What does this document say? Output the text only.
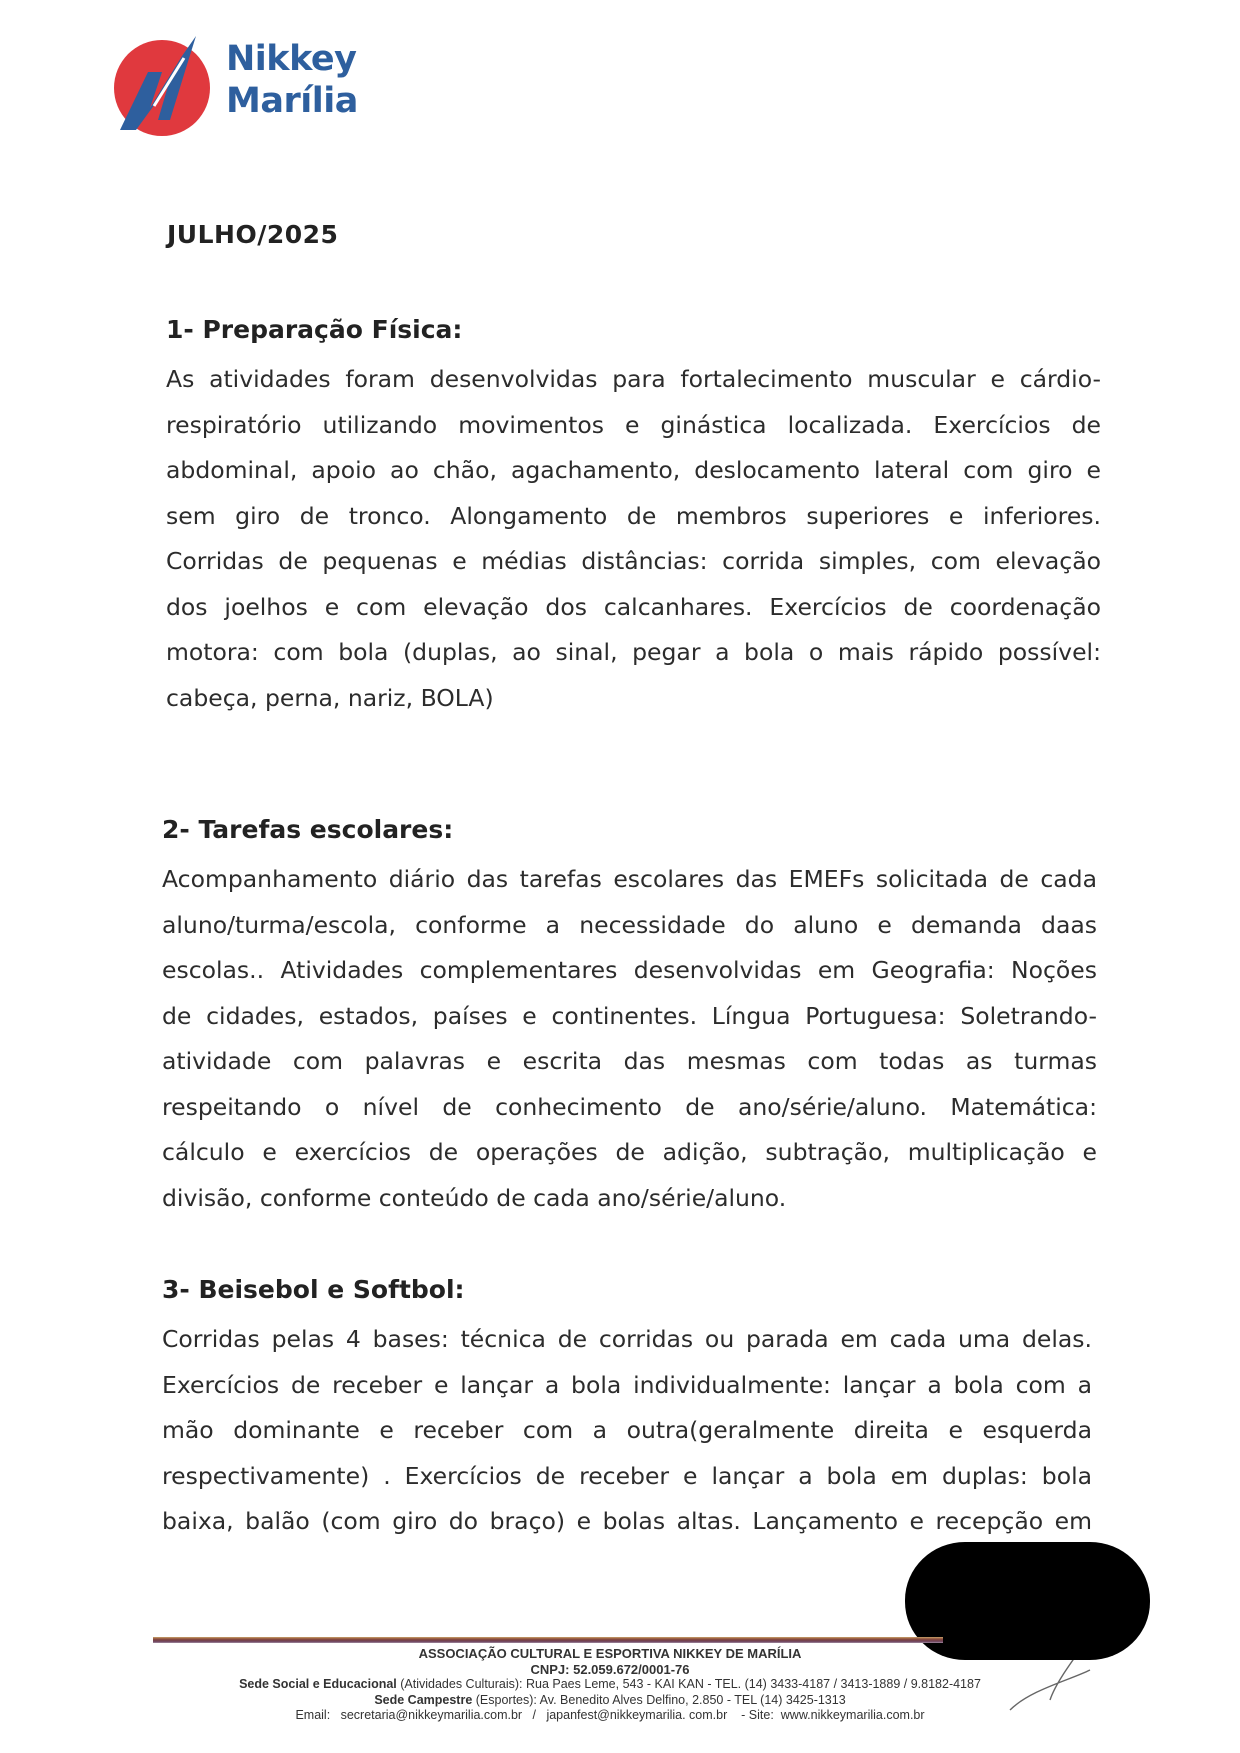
Nikkey
Marília
JULHO/2025
1- Preparação Física:
As atividades foram desenvolvidas para fortalecimento muscular e cárdio-
respiratório utilizando movimentos e ginástica localizada. Exercícios de
abdominal, apoio ao chão, agachamento, deslocamento lateral com giro e
sem giro de tronco. Alongamento de membros superiores e inferiores.
Corridas de pequenas e médias distâncias: corrida simples, com elevação
dos joelhos e com elevação dos calcanhares. Exercícios de coordenação
motora: com bola (duplas, ao sinal, pegar a bola o mais rápido possível:
cabeça, perna, nariz, BOLA)
2- Tarefas escolares:
Acompanhamento diário das tarefas escolares das EMEFs solicitada de cada
aluno/turma/escola, conforme a necessidade do aluno e demanda daas
escolas.. Atividades complementares desenvolvidas em Geografia: Noções
de cidades, estados, países e continentes. Língua Portuguesa: Soletrando-
atividade com palavras e escrita das mesmas com todas as turmas
respeitando o nível de conhecimento de ano/série/aluno. Matemática:
cálculo e exercícios de operações de adição, subtração, multiplicação e
divisão, conforme conteúdo de cada ano/série/aluno.
3- Beisebol e Softbol:
Corridas pelas 4 bases: técnica de corridas ou parada em cada uma delas.
Exercícios de receber e lançar a bola individualmente: lançar a bola com a
mão dominante e receber com a outra(geralmente direita e esquerda
respectivamente) . Exercícios de receber e lançar a bola em duplas: bola
baixa, balão (com giro do braço) e bolas altas. Lançamento e recepção em
ASSOCIAÇÃO CULTURAL E ESPORTIVA NIKKEY DE MARÍLIA
CNPJ: 52.059.672/0001-76
Sede Social e Educacional (Atividades Culturais): Rua Paes Leme, 543 - KAI KAN - TEL. (14) 3433-4187 / 3413-1889 / 9.8182-4187
Sede Campestre (Esportes): Av. Benedito Alves Delfino, 2.850 - TEL (14) 3425-1313
Email: secretaria@nikkeymarilia.com.br / japanfest@nikkeymarilia. com.br - Site: www.nikkeymarilia.com.br
